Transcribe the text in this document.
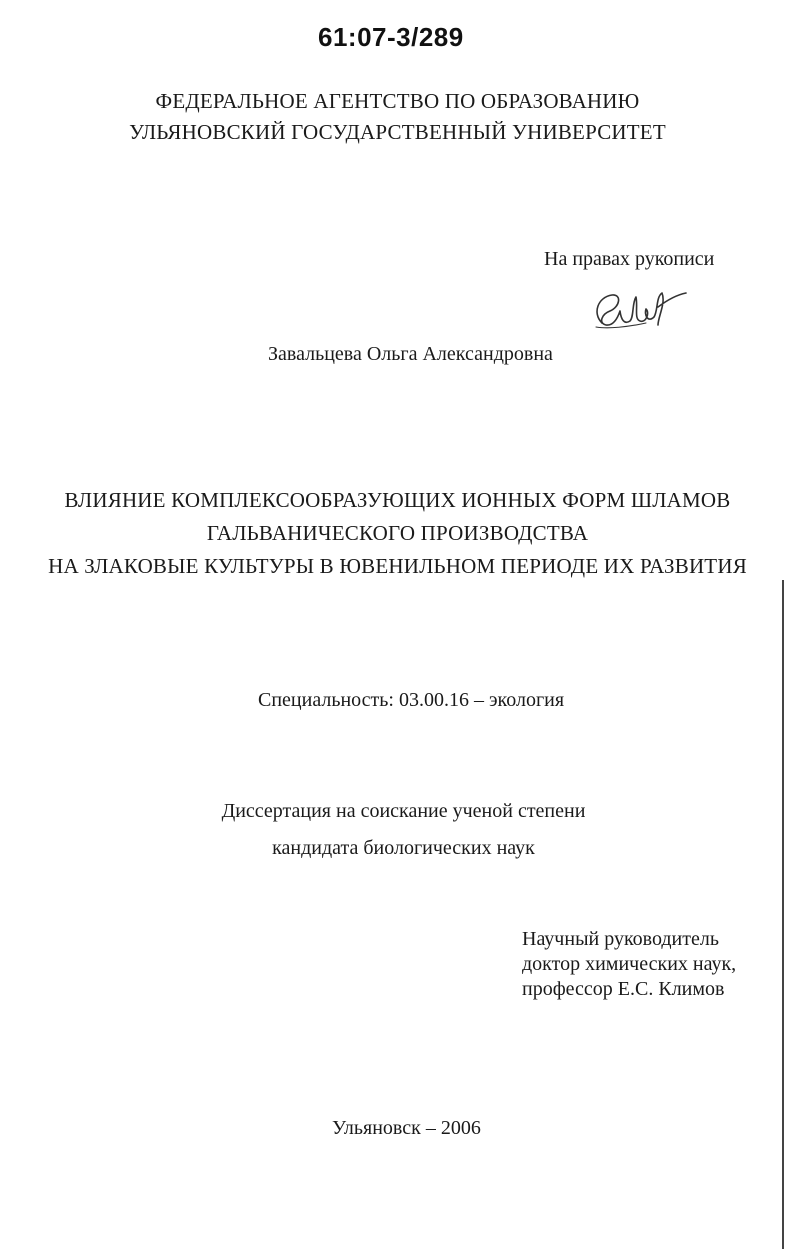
61:07-3/289
ФЕДЕРАЛЬНОЕ АГЕНТСТВО ПО ОБРАЗОВАНИЮ
УЛЬЯНОВСКИЙ ГОСУДАРСТВЕННЫЙ УНИВЕРСИТЕТ
На правах рукописи
Завальцева Ольга Александровна
ВЛИЯНИЕ КОМПЛЕКСООБРАЗУЮЩИХ ИОННЫХ ФОРМ ШЛАМОВ
ГАЛЬВАНИЧЕСКОГО ПРОИЗВОДСТВА
НА ЗЛАКОВЫЕ КУЛЬТУРЫ В ЮВЕНИЛЬНОМ ПЕРИОДЕ ИХ РАЗВИТИЯ
Специальность: 03.00.16 – экология
Диссертация на соискание ученой степени
кандидата биологических наук
Научный руководитель
доктор химических наук,
профессор Е.С. Климов
Ульяновск – 2006
